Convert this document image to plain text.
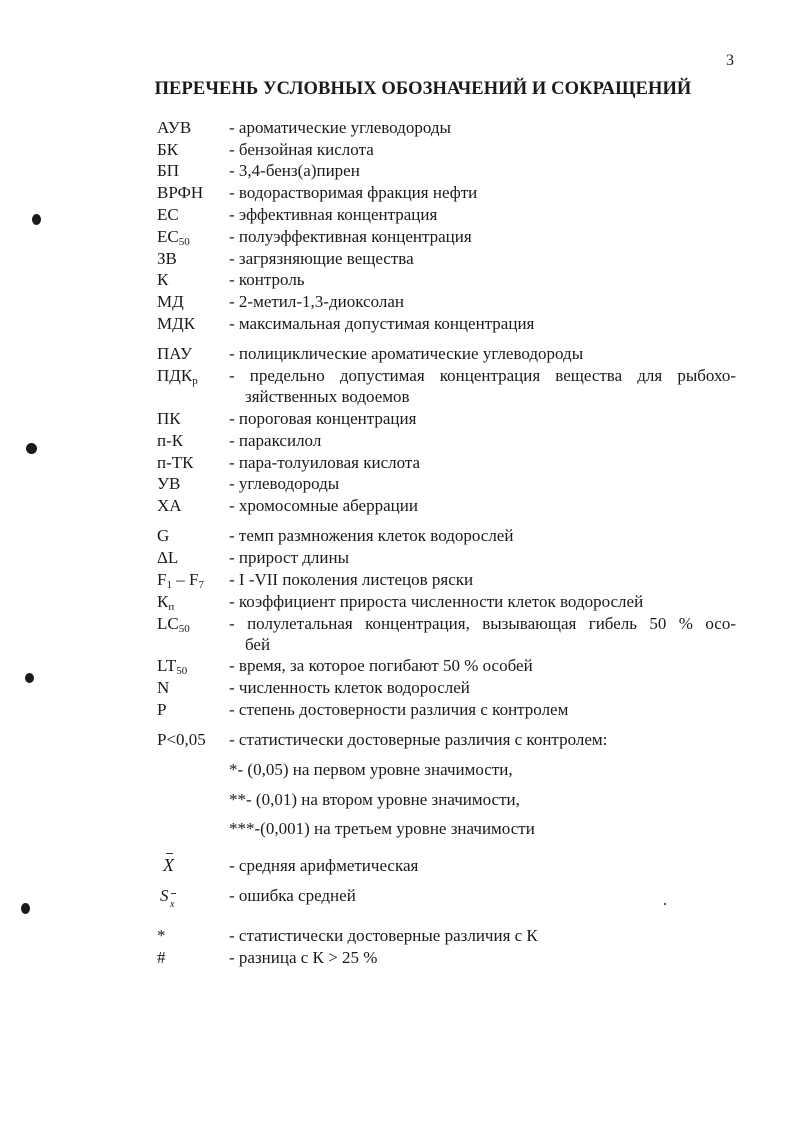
3
ПЕРЕЧЕНЬ УСЛОВНЫХ ОБОЗНАЧЕНИЙ И СОКРАЩЕНИЙ
АУВ - ароматические углеводороды
БК	- бензойная кислота
БП	- 3,4-бенз(а)пирен
ВРФН - водорастворимая фракция нефти
ЕС	- эффективная концентрация
$ЕС_{50}$ - полуэффективная концентрация
ЗВ	- загрязняющие вещества
К	- контроль
МД	- 2-метил-1,3-диоксолан
МДК - максимальная допустимая концентрация
ПАУ - полициклические ароматические углеводороды
$ПДК_р$ - предельно допустимая концентрация вещества для рыбохо-
зяйственных водоемов
ПК	- пороговая концентрация
п-К	- параксилол
п-ТК - пара-толуиловая кислота
УВ	- углеводороды
ХА	- хромосомные аберрации
G	- темп размножения клеток водорослей
ΔL	- прирост длины
$F_1 - F_7$ - I -VII поколения листецов ряски
$К_п$	- коэффициент прироста численности клеток водорослей
$LC_{50}$ - полулетальная концентрация, вызывающая гибель 50 % осо-
бей
$LT_{50}$ - время, за которое погибают 50 % особей
N	- численность клеток водорослей
P	- степень достоверности различия с контролем
Р<0,05 - статистически достоверные различия с контролем:
*- (0,05) на первом уровне значимости,
**- (0,01) на втором уровне значимости,
***-(0,001) на третьем уровне значимости
X	- средняя арифметическая
S x	- ошибка средней
*	- статистически достоверные различия с К
#	- разница с К > 25 %
